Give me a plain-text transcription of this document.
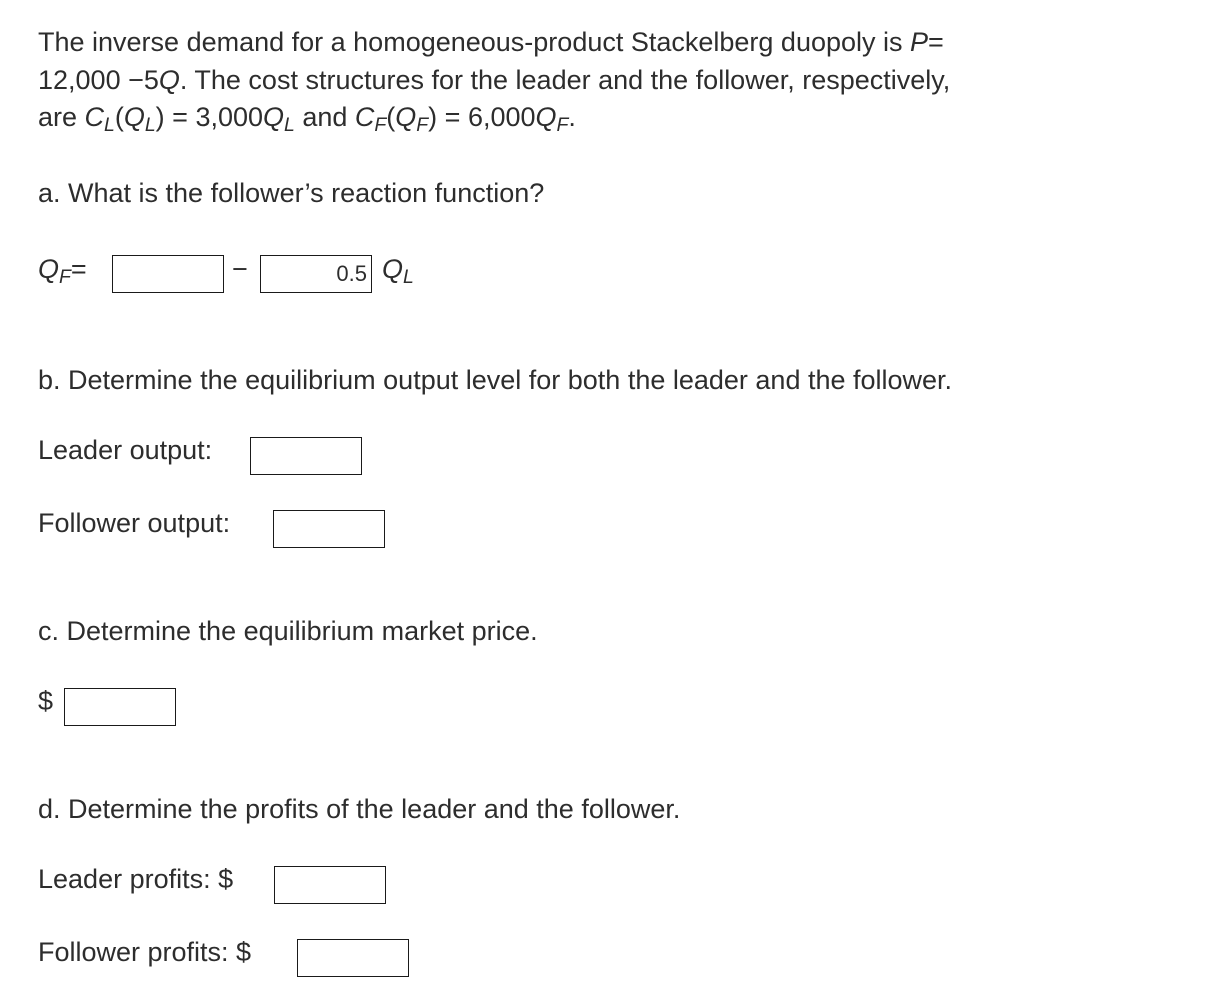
The inverse demand for a homogeneous-product Stackelberg duopoly is P=
12,000 −5Q. The cost structures for the leader and the follower, respectively,
are $C_L(Q_L) = 3,000Q_L$ and $C_F(Q_F) = 6,000Q_F$.
a. What is the follower’s reaction function?
$Q_F=$	−
0.5	$Q_L$
b. Determine the equilibrium output level for both the leader and the follower.
Leader output:
Follower output:
c. Determine the equilibrium market price.
$
d. Determine the profits of the leader and the follower.
Leader profits: $
Follower profits: $
